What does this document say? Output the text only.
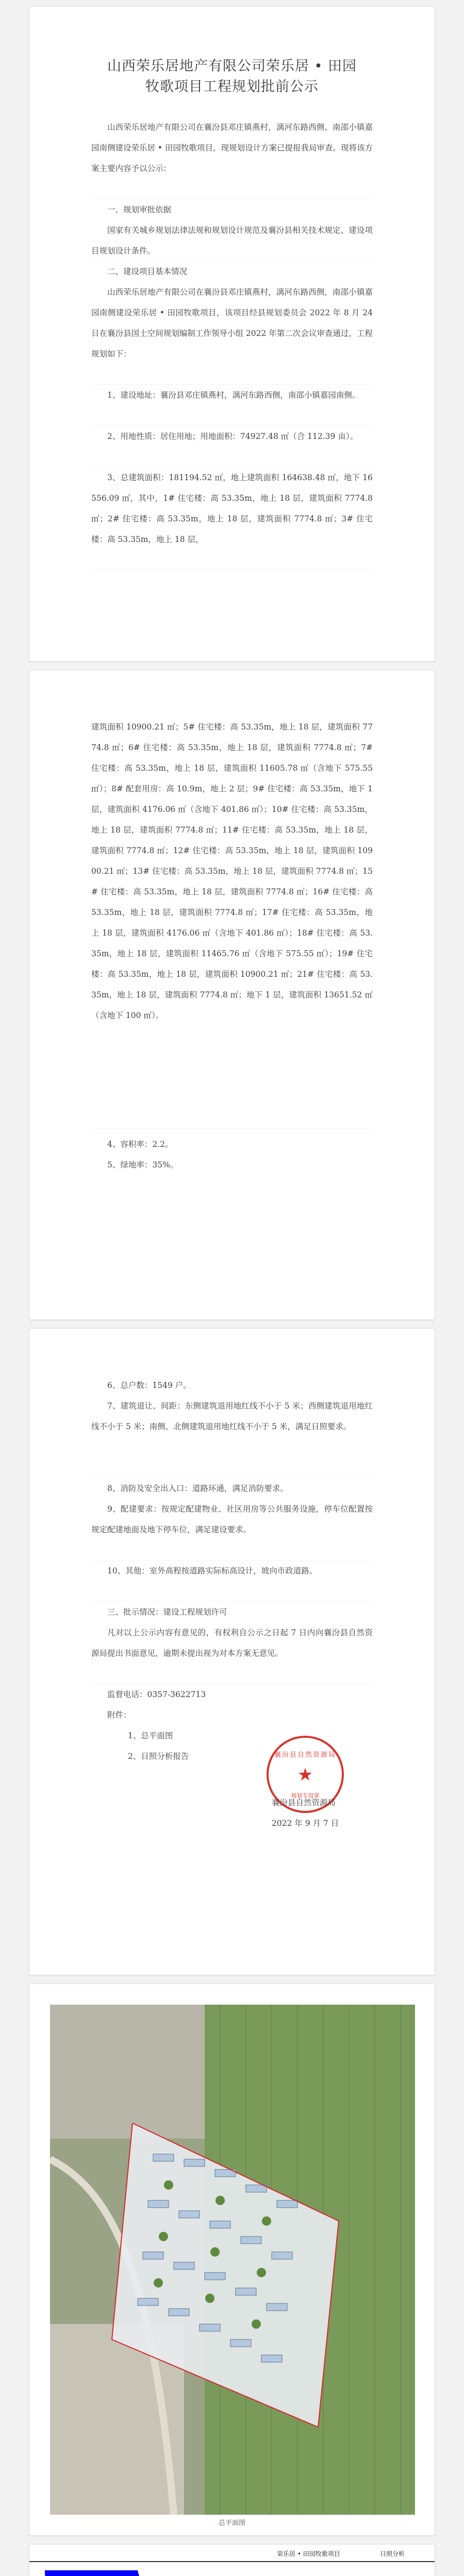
山西荣乐居地产有限公司荣乐居 • 田园
牧歌项目工程规划批前公示
山西荣乐居地产有限公司在襄汾县邓庄镇燕村，漓河东路西侧、南邵小镇嘉园南侧建设荣乐居 • 田园牧歌项目，现规划设计方案已提报我局审查。现将该方案主要内容予以公示：
一、规划审批依据
国家有关城乡规划法律法规和规划设计规范及襄汾县相关技术规定、建设项目规划设计条件。
二、建设项目基本情况
山西荣乐居地产有限公司在襄汾县邓庄镇燕村，漓河东路西侧，南邵小镇嘉园南侧建设荣乐居 • 田园牧歌项目，该项目经县规划委员会 2022 年 8 月 24 日在襄汾县国土空间规划编制工作领导小组 2022 年第二次会议审查通过，工程规划如下：
1、建设地址：襄汾县邓庄镇燕村，漓河东路西侧，南邵小镇嘉园南侧。
2、用地性质：居住用地；用地面积：74927.48 ㎡（合 112.39 亩）。
3、总建筑面积：181194.52 ㎡，地上建筑面积 164638.48 ㎡，地下 16556.09 ㎡，其中，1# 住宅楼：高 53.35m，地上 18 层，建筑面积 7774.8 ㎡；2# 住宅楼：高 53.35m，地上 18 层，建筑面积 7774.8 ㎡；3# 住宅楼：高 53.35m，地上 18 层，
建筑面积 10900.21 ㎡；5# 住宅楼：高 53.35m，地上 18 层，建筑面积 7774.8 ㎡；6# 住宅楼：高 53.35m，地上 18 层，建筑面积 7774.8 ㎡；7# 住宅楼：高 53.35m，地上 18 层，建筑面积 11605.78 ㎡（含地下 575.55 ㎡）；8# 配套用房：高 10.9m，地上 2 层；9# 住宅楼：高 53.35m，地下 1 层，建筑面积 4176.06 ㎡（含地下 401.86 ㎡）；10# 住宅楼：高 53.35m，地上 18 层，建筑面积 7774.8 ㎡；11# 住宅楼：高 53.35m，地上 18 层，建筑面积 7774.8 ㎡；12# 住宅楼：高 53.35m，地上 18 层，建筑面积 10900.21 ㎡；13# 住宅楼：高 53.35m，地上 18 层，建筑面积 7774.8 ㎡；15# 住宅楼：高 53.35m，地上 18 层，建筑面积 7774.8 ㎡；16# 住宅楼：高 53.35m，地上 18 层，建筑面积 7774.8 ㎡；17# 住宅楼：高 53.35m，地上 18 层，建筑面积 4176.06 ㎡（含地下 401.86 ㎡）；18# 住宅楼：高 53.35m，地上 18 层，建筑面积 11465.76 ㎡（含地下 575.55 ㎡）；19# 住宅楼：高 53.35m，地上 18 层，建筑面积 10900.21 ㎡；21# 住宅楼：高 53.35m，地上 18 层，建筑面积 7774.8 ㎡；地下 1 层，建筑面积 13651.52 ㎡（含地下 100 ㎡）。
4、容积率：2.2。
5、绿地率：35%。
6、总户数：1549 户。
7、建筑退让、间距：东侧建筑退用地红线不小于 5 米；西侧建筑退用地红线不小于 5 米；南侧、北侧建筑退用地红线不小于 5 米，满足日照要求。
8、消防及安全出入口：道路环通，满足消防要求。
9、配建要求：按规定配建物业、社区用房等公共服务设施，停车位配置按规定配建地面及地下停车位，满足建设要求。
10、其他：室外高程按道路实际标高设计，坡向市政道路。
三、批示情况：建设工程规划许可
凡对以上公示内容有意见的，有权利自公示之日起 7 日内向襄汾县自然资源局提出书面意见，逾期未提出视为对本方案无意见。
监督电话：0357-3622713
附件：
1、总平面图
2、日照分析报告	襄汾县自然资源局
★
规划专用章
襄汾县自然资源局
2022 年 9 月 7 日
总平面图
荣乐居 • 田园牧歌项目	日照分析
